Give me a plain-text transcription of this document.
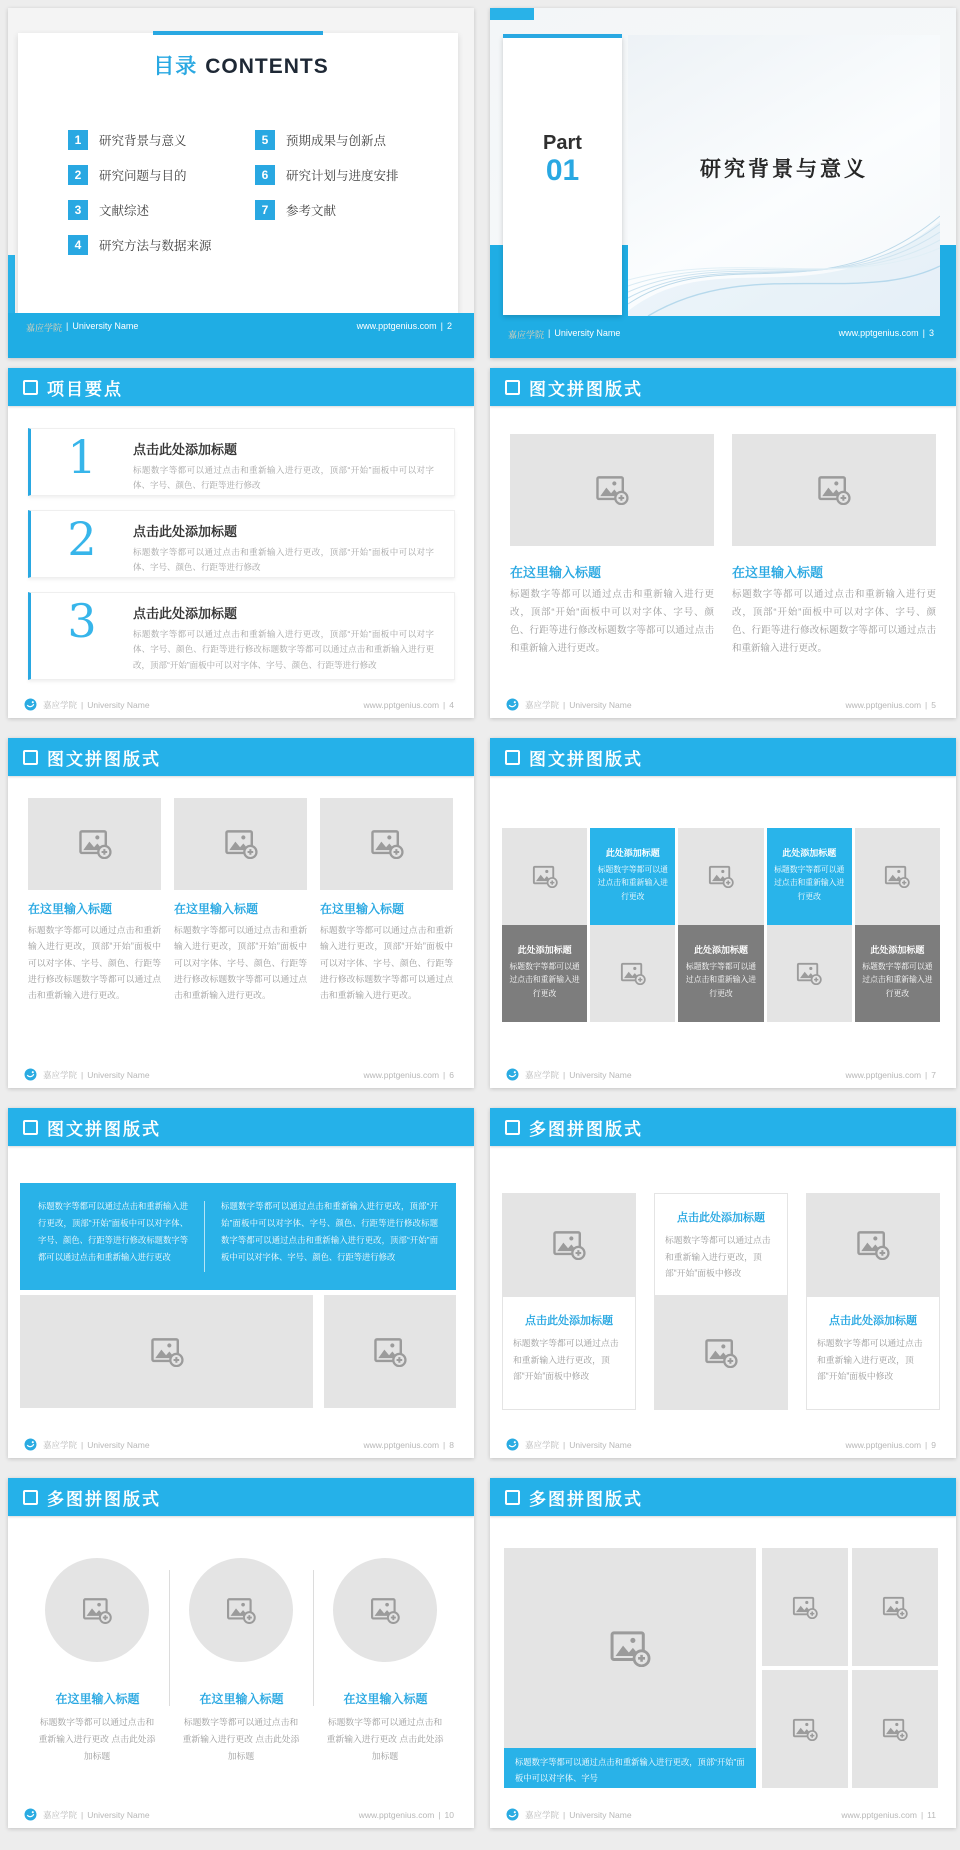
目录 CONTENTS
1	研究背景与意义
2	研究问题与目的
3	文献综述
4	研究方法与数据来源
5	预期成果与创新点
6	研究计划与进度安排
7	参考文献
嘉应学院 | University Name	www.pptgenius.com | 2
Part
01	研究背景与意义
嘉应学院 | University Name	www.pptgenius.com | 3
项目要点
1	点击此处添加标题
标题数字等都可以通过点击和重新输入进行更改，顶部“开始”面板中可以对字体、字号、颜色、行距等进行修改
2	点击此处添加标题
标题数字等都可以通过点击和重新输入进行更改，顶部“开始”面板中可以对字体、字号、颜色、行距等进行修改
3	点击此处添加标题
标题数字等都可以通过点击和重新输入进行更改，顶部“开始”面板中可以对字体、字号、颜色、行距等进行修改标题数字等都可以通过点击和重新输入进行更改，顶部“开始”面板中可以对字体、字号、颜色、行距等进行修改
嘉应学院 | University Name	www.pptgenius.com | 4
图文拼图版式
在这里输入标题
标题数字等都可以通过点击和重新输入进行更改，顶部“开始”面板中可以对字体、字号、颜色、行距等进行修改标题数字等都可以通过点击和重新输入进行更改。
在这里输入标题
标题数字等都可以通过点击和重新输入进行更改，顶部“开始”面板中可以对字体、字号、颜色、行距等进行修改标题数字等都可以通过点击和重新输入进行更改。
嘉应学院 | University Name	www.pptgenius.com | 5
图文拼图版式
在这里输入标题
标题数字等都可以通过点击和重新输入进行更改，顶部“开始”面板中可以对字体、字号、颜色、行距等进行修改标题数字等都可以通过点击和重新输入进行更改。
在这里输入标题
标题数字等都可以通过点击和重新输入进行更改，顶部“开始”面板中可以对字体、字号、颜色、行距等进行修改标题数字等都可以通过点击和重新输入进行更改。
在这里输入标题
标题数字等都可以通过点击和重新输入进行更改，顶部“开始”面板中可以对字体、字号、颜色、行距等进行修改标题数字等都可以通过点击和重新输入进行更改。
嘉应学院 | University Name	www.pptgenius.com | 6
图文拼图版式
此处添加标题
标题数字等都可以通过点击和重新输入进行更改
此处添加标题
标题数字等都可以通过点击和重新输入进行更改
此处添加标题
标题数字等都可以通过点击和重新输入进行更改
此处添加标题
标题数字等都可以通过点击和重新输入进行更改
此处添加标题
标题数字等都可以通过点击和重新输入进行更改
嘉应学院 | University Name	www.pptgenius.com | 7
图文拼图版式
标题数字等都可以通过点击和重新输入进行更改，顶部“开始”面板中可以对字体、字号、颜色、行距等进行修改标题数字等都可以通过点击和重新输入进行更改
标题数字等都可以通过点击和重新输入进行更改，顶部“开始”面板中可以对字体、字号、颜色、行距等进行修改标题数字等都可以通过点击和重新输入进行更改，顶部“开始”面板中可以对字体、字号、颜色、行距等进行修改
嘉应学院 | University Name	www.pptgenius.com | 8
多图拼图版式
点击此处添加标题
标题数字等都可以通过点击和重新输入进行更改，顶部“开始”面板中修改
点击此处添加标题
标题数字等都可以通过点击和重新输入进行更改，顶部“开始”面板中修改
点击此处添加标题
标题数字等都可以通过点击和重新输入进行更改，顶部“开始”面板中修改
嘉应学院 | University Name	www.pptgenius.com | 9
多图拼图版式
在这里输入标题	在这里输入标题	在这里输入标题
标题数字等都可以通过点击和重新输入进行更改 点击此处添加标题
标题数字等都可以通过点击和重新输入进行更改 点击此处添加标题
标题数字等都可以通过点击和重新输入进行更改 点击此处添加标题
嘉应学院 | University Name	www.pptgenius.com | 10
多图拼图版式
标题数字等都可以通过点击和重新输入进行更改，顶部“开始”面板中可以对字体、字号
嘉应学院 | University Name	www.pptgenius.com | 11
